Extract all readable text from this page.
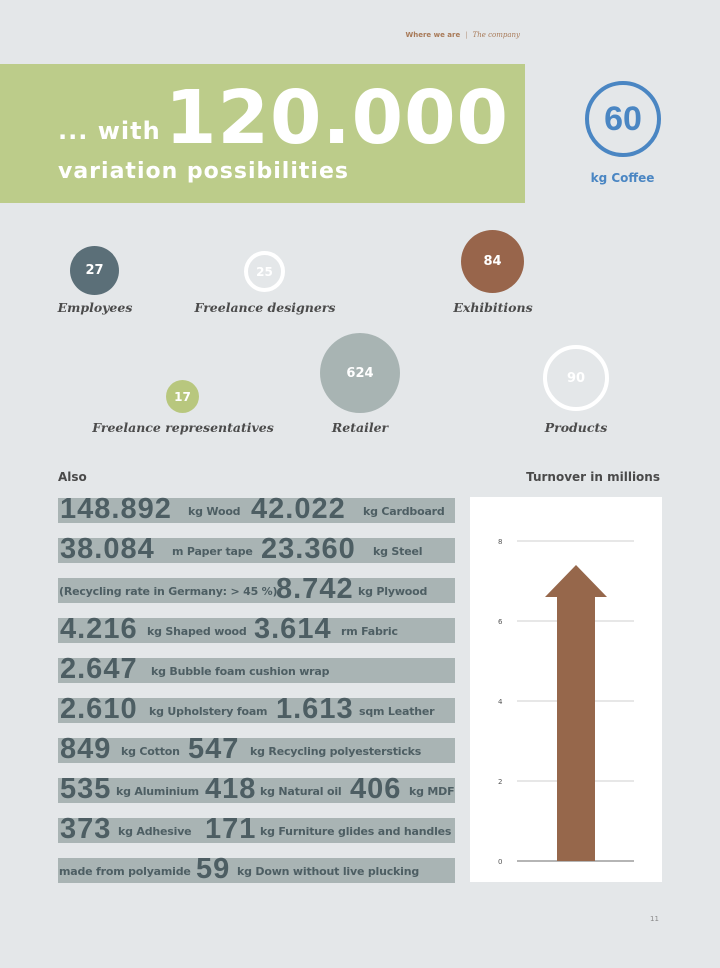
Where we are | The company
... with 120.000
variation possibilities
60
kg Coffee
27
Employees
25
Freelance designers
84
Exhibitions
17
Freelance representatives
624
Retailer
90
Products
Also
148.892 kg Wood 42.022 kg Cardboard
38.084 m Paper tape 23.360 kg Steel
(Recycling rate in Germany: > 45 %)
8.742 kg Plywood
4.216 kg Shaped wood 3.614 rm Fabric
2.647 kg Bubble foam cushion wrap
2.610 kg Upholstery foam 1.613 sqm Leather
849 kg Cotton 547 kg Recycling polyestersticks
535 kg Aluminium 418 kg Natural oil 406 kg MDF
373 kg Adhesive 171 kg Furniture glides and handles
made from polyamide 59 kg Down without live plucking
Turnover in millions
0
2
4
6
8
11
